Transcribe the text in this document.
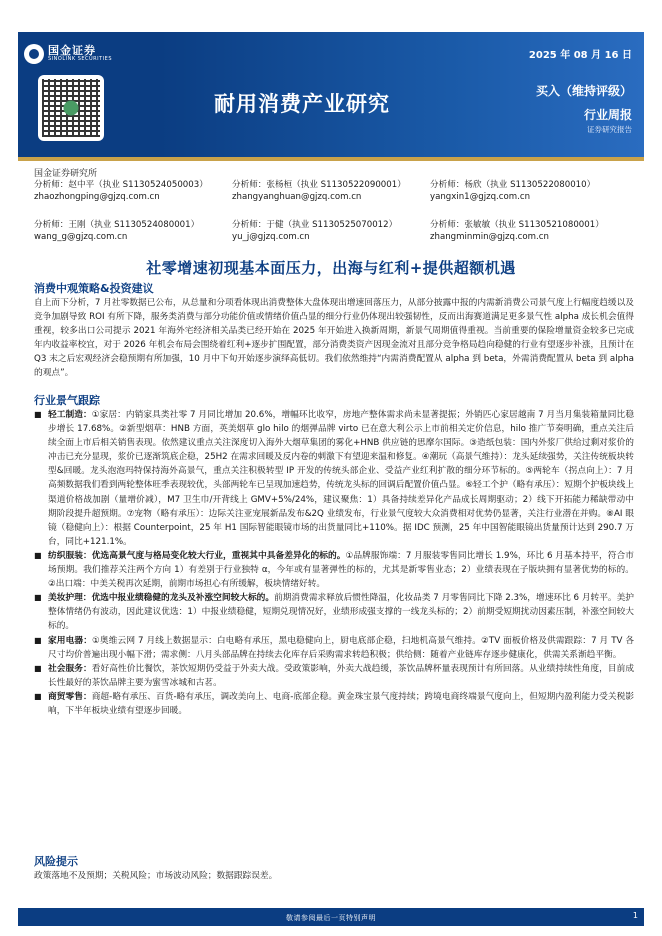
国金证券
SINOLINK SECURITIES	2025 年 08 月 16 日
耐用消费产业研究
买入（维持评级）
行业周报
证券研究报告
国金证券研究所
分析师：赵中平（执业 S1130524050003）
zhaozhongping@gjzq.com.cn
分析师：张杨桓（执业 S1130522090001）
zhangyanghuan@gjzq.com.cn
分析师：杨欣（执业 S1130522080010）
yangxin1@gjzq.com.cn
分析师：王刚（执业 S1130524080001）
wang_g@gjzq.com.cn
分析师：于健（执业 S1130525070012）
yu_j@gjzq.com.cn
分析师：张敏敏（执业 S1130521080001）
zhangminmin@gjzq.com.cn
社零增速初现基本面压力，出海与红利+提供超额机遇
消费中观策略&投资建议
自上而下分析，7 月社零数据已公布，从总量和分项看体现出消费整体大盘体现出增速回落压力，从部分披露中报的内需新消费公司景气度上行幅度趋缓以及竞争加剧导致 ROI 有所下降，服务类消费与部分功能价值或情绪价值凸显的细分行业仍体现出较强韧性，反而出海赛道满足更多景气性 alpha 成长机会值得重视，较多出口公司提示 2021 年海外宅经济相关品类已经开始在 2025 年开始进入换新周期，新景气周期值得重视。当前重要的保险增量资金较多已完成年内收益率校宜，对于 2026 年机会布局会围绕着红利+逐步扩围配置，部分消费类资产因现金流对且部分竞争格局趋向稳健的行业有望逐步补涨，且预计在 Q3 末之后宏观经济会稳预期有所加强，10 月中下旬开始逐步演绎高低切。我们依然维持“内需消费配置从 alpha 到 beta，外需消费配置从 beta 到 alpha 的观点”。
行业景气跟踪
■ 轻工制造：①家居：内销家具类社零 7 月同比增加 20.6%，增幅环比收窄，房地产整体需求尚未显著提振；外销匹心家居越南 7 月当月集装箱量同比稳步增长 17.68%。②新型烟草：HNB 方面，英美烟草 glo hilo 的烟弹品牌 virto 已在意大利公示上市前相关定价信息，hilo 推广节奏明确，重点关注后续全面上市后相关销售表现。依然建议重点关注深度切入海外大烟草集团的雾化+HNB 供应链的思摩尔国际。③造纸包装：国内外浆厂供给过剩对浆价的冲击已充分显现，浆价已逐渐筑底企稳，25H2 在需求回暖及反内卷的刺激下有望迎来温和修复。④潮玩（高景气维持）：龙头延续强势，关注传统板块转型&回暖。龙头泡泡玛特保持海外高景气，重点关注积极转型 IP 开发的传统头部企业、受益产业红利扩散的细分环节标的。⑤两轮车（拐点向上）：7 月高频数据我们看到两轮整体旺季表现较优，头部两轮车已呈现加速趋势，传统龙头标的回调后配置价值凸显。⑥轻工个护（略有承压）：短期个护板块线上渠道价格战加剧（量增价减），M7 卫生巾/开背线上 GMV+5%/24%，建议聚焦：1）具备持续差异化产品成长周期驱动；2）线下开拓能力稀缺带动中期阶段提升超预期。⑦宠物（略有承压）：边际关注亚宠展新品发布&2Q 业绩发布，行业景气度较大众消费相对优势仍显著，关注行业潜在并购。⑧AI 眼镜（稳健向上）：根据 Counterpoint，25 年 H1 国际智能眼镜市场的出货量同比+110%。据 IDC 预测，25 年中国智能眼镜出货量预计达到 290.7 万台，同比+121.1%。
■ 纺织服装：优选高景气度与格局变化较大行业，重视其中具备差异化的标的。①品牌服饰端：7 月服装零售同比增长 1.9%，环比 6 月基本持平，符合市场预期。我们推荐关注两个方向 1）有差别于行业独特 α，今年或有显著弹性的标的，尤其是新零售业态；2）业绩表现在子版块拥有显著优势的标的。②出口端：中美关税再次延期，前期市场担心有所缓解，板块情绪好转。
■ 美妆护理：优选中报业绩稳健的龙头及补涨空间较大标的。前期消费需求释放后惯性降温，化妆品类 7 月零售同比下降 2.3%，增速环比 6 月转平。美护整体情绪仍有波动，因此建议优选：1）中报业绩稳健，短期兑现情况好，业绩形成强支撑的一线龙头标的；2）前期受短期扰动因素压制，补涨空间较大标的。
■ 家用电器：①奥维云网 7 月线上数据显示：白电略有承压，黑电稳健向上，厨电底部企稳，扫地机高景气维持。②TV 面板价格及供需跟踪：7 月 TV 各尺寸均价普遍出现小幅下滑；需求侧：八月头部品牌在持续去化库存后采购需求转趋积极；供给侧：随着产业链库存逐步健康化，供需关系渐趋平衡。
■ 社会服务：看好高性价比餐饮，茶饮短期仍受益于外卖大战。受政策影响，外卖大战趋缓，茶饮品牌杯量表现预计有所回落。从业绩持续性角度，目前成长性最好的茶饮品牌主要为蜜雪冰城和古茗。
■ 商贸零售：商超-略有承压、百货-略有承压，调改美向上、电商-底部企稳。黄金珠宝景气度持续；跨境电商终端景气度向上，但短期内盈利能力受关税影响，下半年板块业绩有望逐步回暖。
风险提示
政策落地不及预期；关税风险；市场波动风险；数据跟踪误差。
敬请参阅最后一页特别声明	1
